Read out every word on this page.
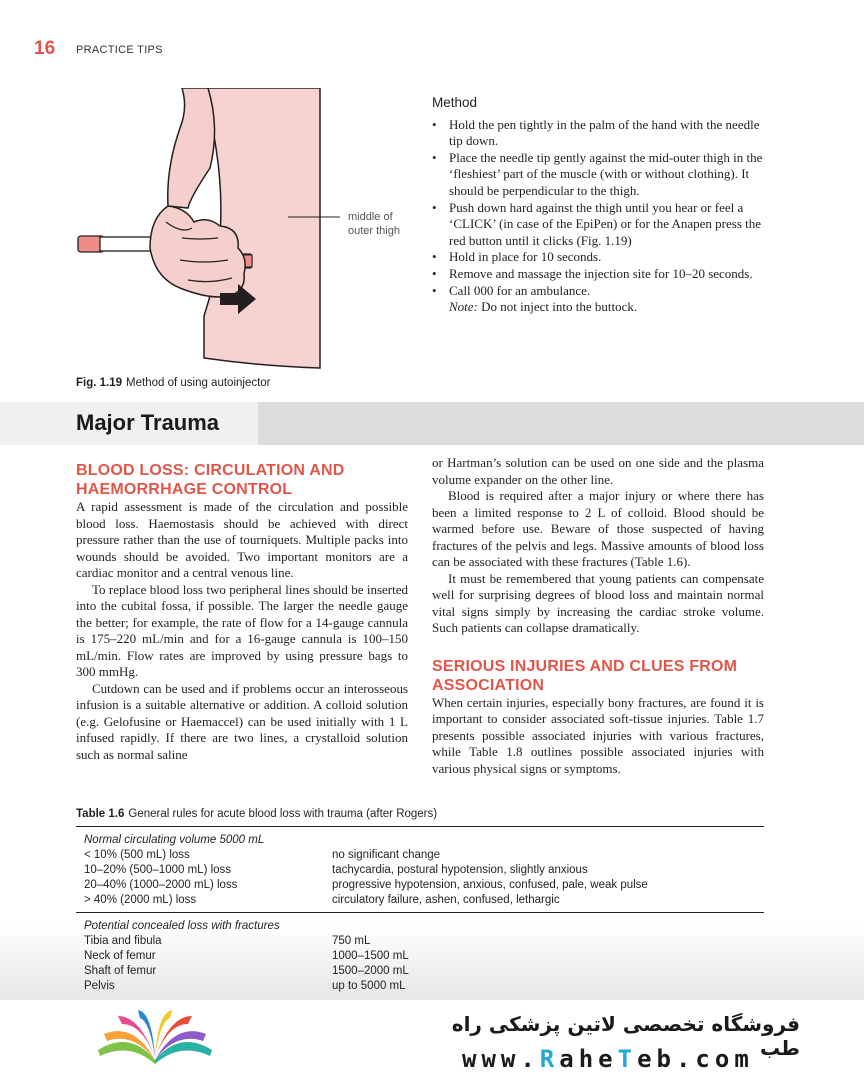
16 PRACTICE TIPS
middle of
outer thigh
Fig. 1.19 Method of using autoinjector
Method
• Hold the pen tightly in the palm of the hand with the needle tip down.
• Place the needle tip gently against the mid-outer thigh in the ‘fleshiest’ part of the muscle (with or without clothing). It should be perpendicular to the thigh.
• Push down hard against the thigh until you hear or feel a ‘CLICK’ (in case of the EpiPen) or for the Anapen press the red button until it clicks (Fig. 1.19)
• Hold in place for 10 seconds.
• Remove and massage the injection site for 10–20 seconds.
• Call 000 for an ambulance.
Note: Do not inject into the buttock.
Major Trauma

BLOOD LOSS: CIRCULATION AND HAEMORRHAGE CONTROL

A rapid assessment is made of the circulation and possible blood loss. Haemostasis should be achieved with direct pressure rather than the use of tourniquets. Multiple packs into wounds should be avoided. Two important monitors are a cardiac monitor and a central venous line.

To replace blood loss two peripheral lines should be inserted into the cubital fossa, if possible. The larger the needle gauge the better; for example, the rate of flow for a 14-gauge cannula is 175–220 mL/min and for a 16-gauge cannula is 100–150 mL/min. Flow rates are improved by using pressure bags to 300 mmHg.

Cutdown can be used and if problems occur an interosseous infusion is a suitable alternative or addition. A colloid solution (e.g. Gelofusine or Haemaccel) can be used initially with 1 L infused rapidly. If there are two lines, a crystalloid solution such as normal saline

or Hartman’s solution can be used on one side and the plasma volume expander on the other line.

Blood is required after a major injury or where there has been a limited response to 2 L of colloid. Blood should be warmed before use. Beware of those suspected of having fractures of the pelvis and legs. Massive amounts of blood loss can be associated with these fractures (Table 1.6).

It must be remembered that young patients can compensate well for surprising degrees of blood loss and maintain normal vital signs simply by increasing the cardiac stroke volume. Such patients can collapse dramatically.

SERIOUS INJURIES AND CLUES FROM ASSOCIATION

When certain injuries, especially bony fractures, are found it is important to consider associated soft-tissue injuries. Table 1.7 presents possible associated injuries with various fractures, while Table 1.8 outlines possible associated injuries with various physical signs or symptoms.

Table 1.6 General rules for acute blood loss with trauma (after Rogers)
Normal circulating volume 5000 mL
< 10% (500 mL) loss	no significant change
10–20% (500–1000 mL) loss	tachycardia, postural hypotension, slightly anxious
20–40% (1000–2000 mL) loss	progressive hypotension, anxious, confused, pale, weak pulse
> 40% (2000 mL) loss	circulatory failure, ashen, confused, lethargic
Potential concealed loss with fractures
Tibia and fibula	750 mL
Neck of femur	1000–1500 mL
Shaft of femur	1500–2000 mL
Pelvis	up to 5000 mL
فروشگاه تخصصی لاتین پزشکی راه طب
www.RaheTeb.com
